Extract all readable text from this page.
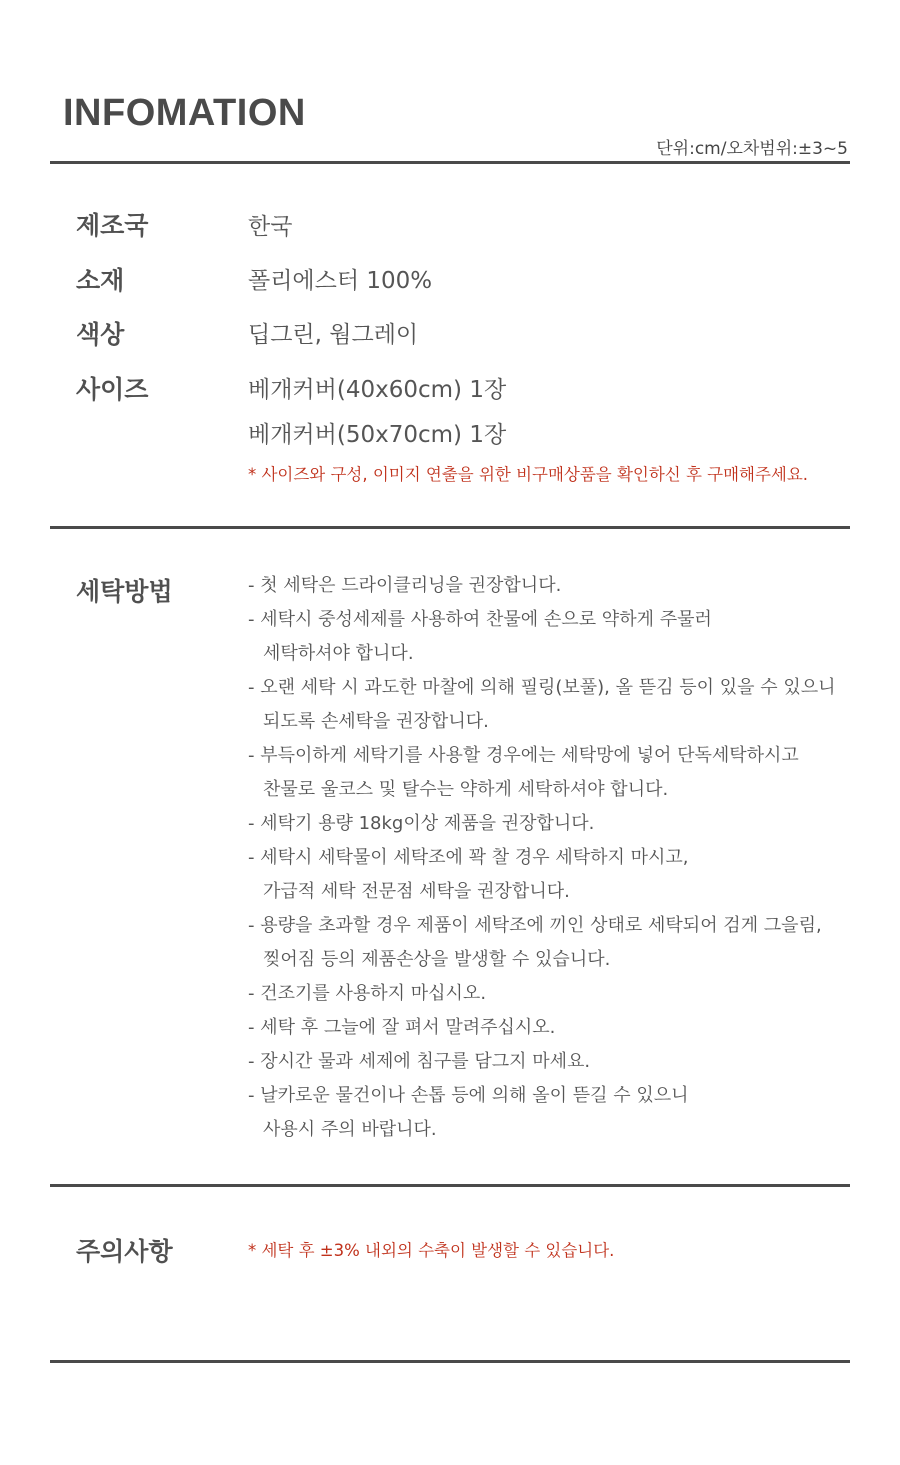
INFOMATION
단위:cm/오차범위:±3~5
제조국	한국
소재	폴리에스터 100%
색상	딥그린, 웜그레이
사이즈	베개커버(40x60cm) 1장
베개커버(50x70cm) 1장
* 사이즈와 구성, 이미지 연출을 위한 비구매상품을 확인하신 후 구매해주세요.
세탁방법	- 첫 세탁은 드라이클리닝을 권장합니다.
- 세탁시 중성세제를 사용하여 찬물에 손으로 약하게 주물러
세탁하셔야 합니다.
- 오랜 세탁 시 과도한 마찰에 의해 필링(보풀), 올 뜯김 등이 있을 수 있으니
되도록 손세탁을 권장합니다.
- 부득이하게 세탁기를 사용할 경우에는 세탁망에 넣어 단독세탁하시고
찬물로 울코스 및 탈수는 약하게 세탁하셔야 합니다.
- 세탁기 용량 18kg이상 제품을 권장합니다.
- 세탁시 세탁물이 세탁조에 꽉 찰 경우 세탁하지 마시고,
가급적 세탁 전문점 세탁을 권장합니다.
- 용량을 초과할 경우 제품이 세탁조에 끼인 상태로 세탁되어 검게 그을림,
찢어짐 등의 제품손상을 발생할 수 있습니다.
- 건조기를 사용하지 마십시오.
- 세탁 후 그늘에 잘 펴서 말려주십시오.
- 장시간 물과 세제에 침구를 담그지 마세요.
- 날카로운 물건이나 손톱 등에 의해 올이 뜯길 수 있으니
사용시 주의 바랍니다.
주의사항	* 세탁 후 ±3% 내외의 수축이 발생할 수 있습니다.
